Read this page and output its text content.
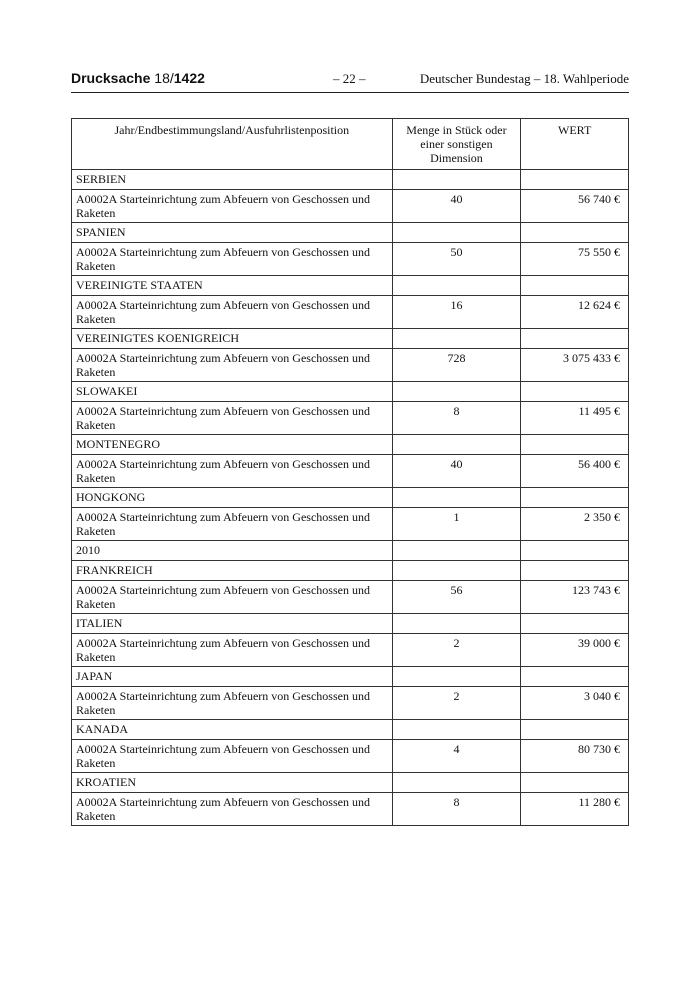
Drucksache 18/1422	– 22 –	Deutscher Bundestag – 18. Wahlperiode
Jahr/Endbestimmungsland/Ausfuhrlistenposition	Menge in Stück oder einer sonstigen Dimension	WERT
SERBIEN		
A0002A Starteinrichtung zum Abfeuern von Geschossen und Raketen	40	56 740 €
SPANIEN		
A0002A Starteinrichtung zum Abfeuern von Geschossen und Raketen	50	75 550 €
VEREINIGTE STAATEN		
A0002A Starteinrichtung zum Abfeuern von Geschossen und Raketen	16	12 624 €
VEREINIGTES KOENIGREICH		
A0002A Starteinrichtung zum Abfeuern von Geschossen und Raketen	728	3 075 433 €
SLOWAKEI		
A0002A Starteinrichtung zum Abfeuern von Geschossen und Raketen	8	11 495 €
MONTENEGRO		
A0002A Starteinrichtung zum Abfeuern von Geschossen und Raketen	40	56 400 €
HONGKONG		
A0002A Starteinrichtung zum Abfeuern von Geschossen und Raketen	1	2 350 €
2010		
FRANKREICH		
A0002A Starteinrichtung zum Abfeuern von Geschossen und Raketen	56	123 743 €
ITALIEN		
A0002A Starteinrichtung zum Abfeuern von Geschossen und Raketen	2	39 000 €
JAPAN		
A0002A Starteinrichtung zum Abfeuern von Geschossen und Raketen	2	3 040 €
KANADA		
A0002A Starteinrichtung zum Abfeuern von Geschossen und Raketen	4	80 730 €
KROATIEN		
A0002A Starteinrichtung zum Abfeuern von Geschossen und Raketen	8	11 280 €
